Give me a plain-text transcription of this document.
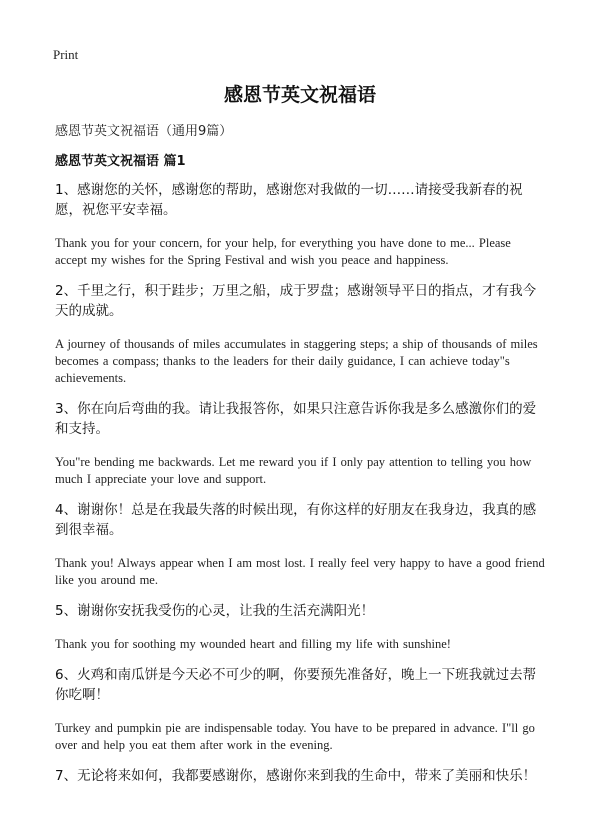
Print
感恩节英文祝福语
感恩节英文祝福语（通用9篇）
感恩节英文祝福语 篇1

1、感谢您的关怀，感谢您的帮助，感谢您对我做的一切……请接受我新春的祝愿，祝您平安幸福。

Thank you for your concern, for your help, for everything you have done to me... Please accept my wishes for the Spring Festival and wish you peace and happiness.

2、千里之行，积于跬步；万里之船，成于罗盘；感谢领导平日的指点，才有我今天的成就。

A journey of thousands of miles accumulates in staggering steps; a ship of thousands of miles becomes a compass; thanks to the leaders for their daily guidance, I can achieve today"s achievements.

3、你在向后弯曲的我。请让我报答你，如果只注意告诉你我是多么感激你们的爱和支持。

You"re bending me backwards. Let me reward you if I only pay attention to telling you how much I appreciate your love and support.

4、谢谢你！总是在我最失落的时候出现，有你这样的好朋友在我身边，我真的感到很幸福。

Thank you! Always appear when I am most lost. I really feel very happy to have a good friend like you around me.

5、谢谢你安抚我受伤的心灵，让我的生活充满阳光！

Thank you for soothing my wounded heart and filling my life with sunshine!

6、火鸡和南瓜饼是今天必不可少的啊，你要预先准备好，晚上一下班我就过去帮你吃啊！

Turkey and pumpkin pie are indispensable today. You have to be prepared in advance. I"ll go over and help you eat them after work in the evening.

7、无论将来如何，我都要感谢你，感谢你来到我的生命中，带来了美丽和快乐！
